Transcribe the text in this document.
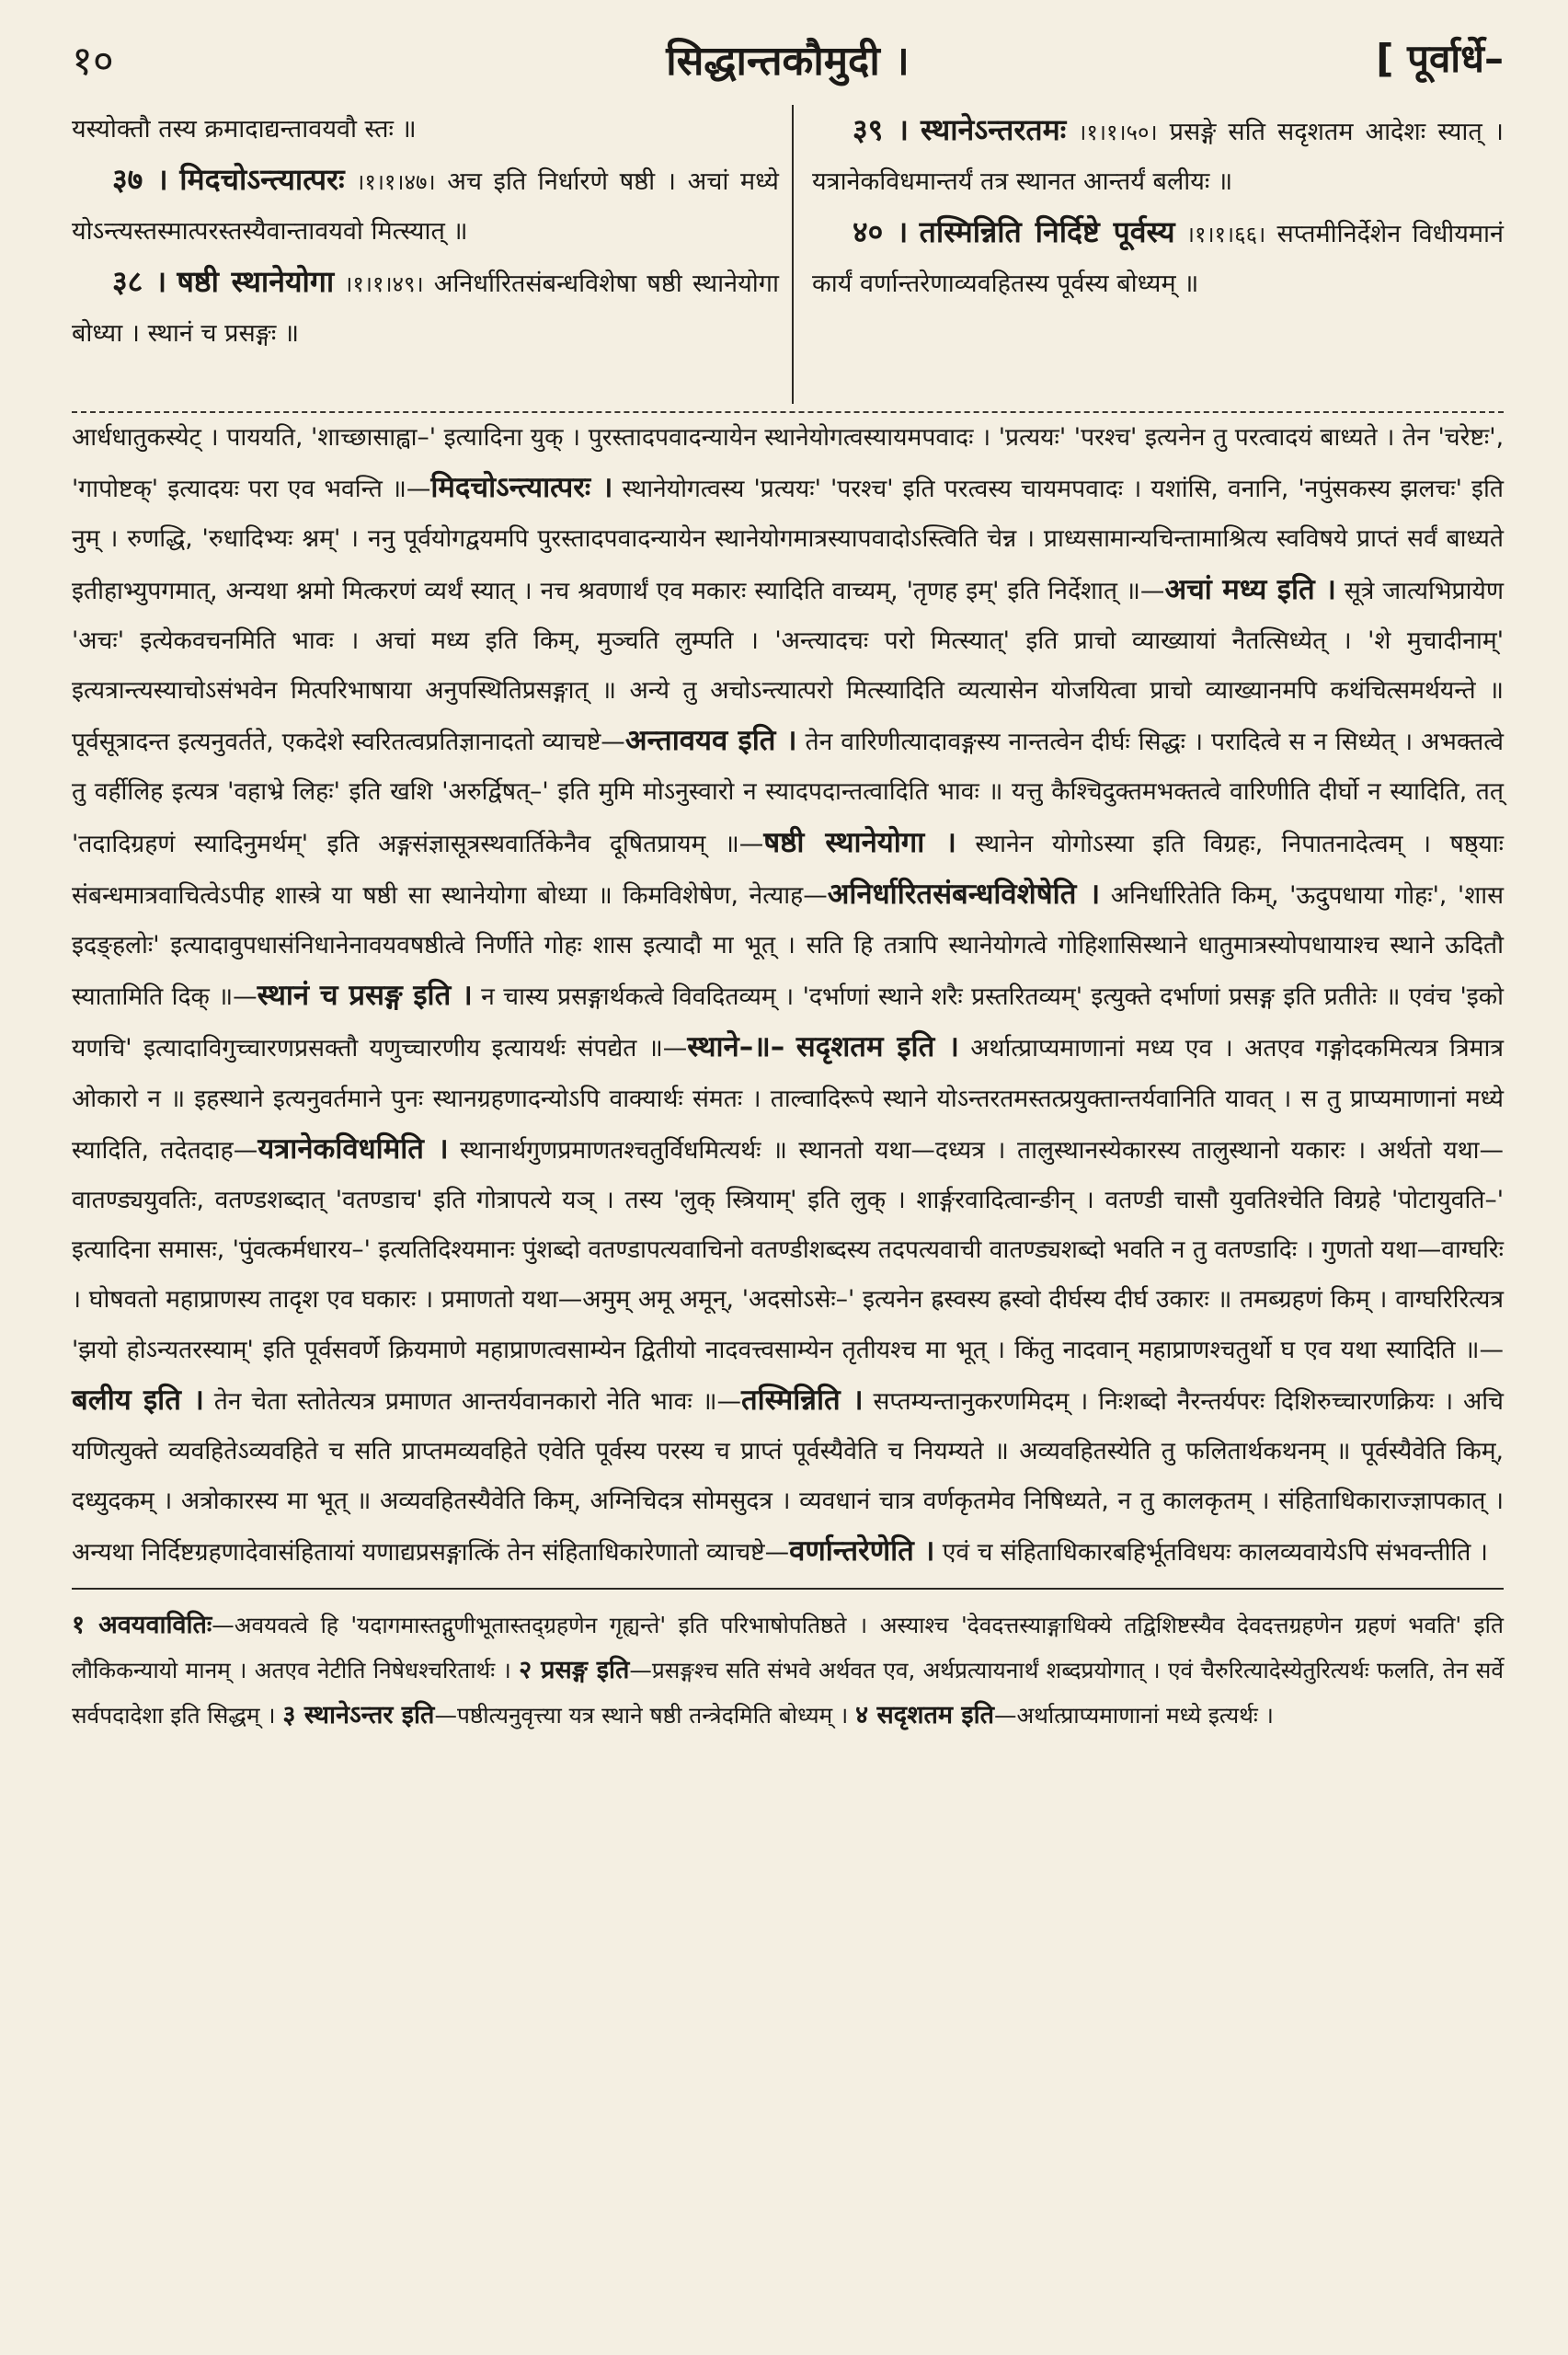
१०	सिद्धान्तकौमुदी ।	[ पूर्वार्धे–

यस्योक्तौ तस्य क्रमादाद्यन्तावयवौ स्तः ॥

३७ । मिदचोऽन्त्यात्परः ।१।१।४७। अच इति निर्धारणे षष्ठी । अचां मध्ये योऽन्त्यस्तस्मात्परस्तस्यैवान्तावयवो मित्स्यात् ॥

३८ । षष्ठी स्थानेयोगा ।१।१।४९। अनिर्धारितसंबन्धविशेषा षष्ठी स्थानेयोगा बोध्या । स्थानं च प्रसङ्गः ॥

३९ । स्थानेऽन्तरतमः ।१।१।५०। प्रसङ्गे सति सदृशतम आदेशः स्यात् । यत्रानेकविधमान्तर्यं तत्र स्थानत आन्तर्यं बलीयः ॥

४० । तस्मिन्निति निर्दिष्टे पूर्वस्य ।१।१।६६। सप्तमीनिर्देशेन विधीयमानं कार्यं वर्णान्तरेणाव्यवहितस्य पूर्वस्य बोध्यम् ॥

आर्धधातुकस्येट् । पाययति, 'शाच्छासाह्वा–' इत्यादिना युक् । पुरस्तादपवादन्यायेन स्थानेयोगत्वस्यायमपवादः । 'प्रत्ययः' 'परश्च' इत्यनेन तु परत्वादयं बाध्यते । तेन 'चरेष्टः', 'गापोष्टक्' इत्यादयः परा एव भवन्ति ॥—मिदचोऽन्त्यात्परः । स्थानेयोगत्वस्य 'प्रत्ययः' 'परश्च' इति परत्वस्य चायमपवादः । यशांसि, वनानि, 'नपुंसकस्य झलचः' इति नुम् । रुणद्धि, 'रुधादिभ्यः श्नम्' । ननु पूर्वयोगद्वयमपि पुरस्तादपवादन्यायेन स्थानेयोगमात्रस्यापवादोऽस्त्विति चेन्न । प्राध्यसामान्यचिन्तामाश्रित्य स्वविषये प्राप्तं सर्वं बाध्यते इतीहाभ्युपगमात्, अन्यथा श्नमो मित्करणं व्यर्थं स्यात् । नच श्रवणार्थं एव मकारः स्यादिति वाच्यम्, 'तृणह इम्' इति निर्देशात् ॥—अचां मध्य इति । सूत्रे जात्यभिप्रायेण 'अचः' इत्येकवचनमिति भावः । अचां मध्य इति किम्, मुञ्चति लुम्पति । 'अन्त्यादचः परो मित्स्यात्' इति प्राचो व्याख्यायां नैतत्सिध्येत् । 'शे मुचादीनाम्' इत्यत्रान्त्यस्याचोऽसंभवेन मित्परिभाषाया अनुपस्थितिप्रसङ्गात् ॥ अन्ये तु अचोऽन्त्यात्परो मित्स्यादिति व्यत्यासेन योजयित्वा प्राचो व्याख्यानमपि कथंचित्समर्थयन्ते ॥ पूर्वसूत्रादन्त इत्यनुवर्तते, एकदेशे स्वरितत्वप्रतिज्ञानादतो व्याचष्टे—अन्तावयव इति । तेन वारिणीत्यादावङ्गस्य नान्तत्वेन दीर्घः सिद्धः । परादित्वे स न सिध्येत् । अभक्तत्वे तु वर्हीलिह इत्यत्र 'वहाभ्रे लिहः' इति खशि 'अरुर्द्विषत्–' इति मुमि मोऽनुस्वारो न स्यादपदान्तत्वादिति भावः ॥ यत्तु कैश्चिदुक्तमभक्तत्वे वारिणीति दीर्घो न स्यादिति, तत् 'तदादिग्रहणं स्यादिनुमर्थम्' इति अङ्गसंज्ञासूत्रस्थवार्तिकेनैव दूषितप्रायम् ॥—षष्ठी स्थानेयोगा । स्थानेन योगोऽस्या इति विग्रहः, निपातनादेत्वम् । षष्ठ्याः संबन्धमात्रवाचित्वेऽपीह शास्त्रे या षष्ठी सा स्थानेयोगा बोध्या ॥ किमविशेषेण, नेत्याह—अनिर्धारितसंबन्धविशेषेति । अनिर्धारितेति किम्, 'ऊदुपधाया गोहः', 'शास इदङ्हलोः' इत्यादावुपधासंनिधानेनावयवषष्ठीत्वे निर्णीते गोहः शास इत्यादौ मा भूत् । सति हि तत्रापि स्थानेयोगत्वे गोहिशासिस्थाने धातुमात्रस्योपधायाश्च स्थाने ऊदितौ स्यातामिति दिक् ॥—स्थानं च प्रसङ्ग इति । न चास्य प्रसङ्गार्थकत्वे विवदितव्यम् । 'दर्भाणां स्थाने शरैः प्रस्तरितव्यम्' इत्युक्ते दर्भाणां प्रसङ्ग इति प्रतीतेः ॥ एवंच 'इको यणचि' इत्यादाविगुच्चारणप्रसक्तौ यणुच्चारणीय इत्यायर्थः संपद्येत ॥—स्थाने–॥– सदृशतम इति । अर्थात्प्राप्यमाणानां मध्य एव । अतएव गङ्गोदकमित्यत्र त्रिमात्र ओकारो न ॥ इहस्थाने इत्यनुवर्तमाने पुनः स्थानग्रहणादन्योऽपि वाक्यार्थः संमतः । ताल्वादिरूपे स्थाने योऽन्तरतमस्तत्प्रयुक्तान्तर्यवानिति यावत् । स तु प्राप्यमाणानां मध्ये स्यादिति, तदेतदाह—यत्रानेकविधमिति । स्थानार्थगुणप्रमाणतश्चतुर्विधमित्यर्थः ॥ स्थानतो यथा—दध्यत्र । तालुस्थानस्येकारस्य तालुस्थानो यकारः । अर्थतो यथा—वातण्ड्ययुवतिः, वतण्डशब्दात् 'वतण्डाच' इति गोत्रापत्ये यञ् । तस्य 'लुक् स्त्रियाम्' इति लुक् । शार्ङ्गरवादित्वान्ङीन् । वतण्डी चासौ युवतिश्चेति विग्रहे 'पोटायुवति–' इत्यादिना समासः, 'पुंवत्कर्मधारय–' इत्यतिदिश्यमानः पुंशब्दो वतण्डापत्यवाचिनो वतण्डीशब्दस्य तदपत्यवाची वातण्ड्यशब्दो भवति न तु वतण्डादिः । गुणतो यथा—वाग्घरिः । घोषवतो महाप्राणस्य तादृश एव घकारः । प्रमाणतो यथा—अमुम् अमू अमून्, 'अदसोऽसेः–' इत्यनेन ह्रस्वस्य ह्रस्वो दीर्घस्य दीर्घ उकारः ॥ तमब्ग्रहणं किम् । वाग्घरिरित्यत्र 'झयो होऽन्यतरस्याम्' इति पूर्वसवर्णे क्रियमाणे महाप्राणत्वसाम्येन द्वितीयो नादवत्त्वसाम्येन तृतीयश्च मा भूत् । किंतु नादवान् महाप्राणश्चतुर्थो घ एव यथा स्यादिति ॥—बलीय इति । तेन चेता स्तोतेत्यत्र प्रमाणत आन्तर्यवानकारो नेति भावः ॥—तस्मिन्निति । सप्तम्यन्तानुकरणमिदम् । निःशब्दो नैरन्तर्यपरः दिशिरुच्चारणक्रियः । अचि यणित्युक्ते व्यवहितेऽव्यवहिते च सति प्राप्तमव्यवहिते एवेति पूर्वस्य परस्य च प्राप्तं पूर्वस्यैवेति च नियम्यते ॥ अव्यवहितस्येति तु फलितार्थकथनम् ॥ पूर्वस्यैवेति किम्, दध्युदकम् । अत्रोकारस्य मा भूत् ॥ अव्यवहितस्यैवेति किम्, अग्निचिदत्र सोमसुदत्र । व्यवधानं चात्र वर्णकृतमेव निषिध्यते, न तु कालकृतम् । संहिताधिकाराज्ज्ञापकात् । अन्यथा निर्दिष्टग्रहणादेवासंहितायां यणाद्यप्रसङ्गात्किं तेन संहिताधिकारेणातो व्याचष्टे—वर्णान्तरेणेति । एवं च संहिताधिकारबहिर्भूतविधयः कालव्यवायेऽपि संभवन्तीति ।

१ अवयवावितिः—अवयवत्वे हि 'यदागमास्तद्गुणीभूतास्तद्ग्रहणेन गृह्यन्ते' इति परिभाषोपतिष्ठते । अस्याश्च 'देवदत्तस्याङ्गाधिक्ये तद्विशिष्टस्यैव देवदत्तग्रहणेन ग्रहणं भवति' इति लौकिकन्यायो मानम् । अतएव नेटीति निषेधश्चरितार्थः । २ प्रसङ्ग इति—प्रसङ्गश्च सति संभवे अर्थवत एव, अर्थप्रत्यायनार्थं शब्दप्रयोगात् । एवं चैरुरित्यादेस्येतुरित्यर्थः फलति, तेन सर्वे सर्वपदादेशा इति सिद्धम् । ३ स्थानेऽन्तर इति—पष्ठीत्यनुवृत्त्या यत्र स्थाने षष्ठी तन्त्रेदमिति बोध्यम् । ४ सदृशतम इति—अर्थात्प्राप्यमाणानां मध्ये इत्यर्थः ।
